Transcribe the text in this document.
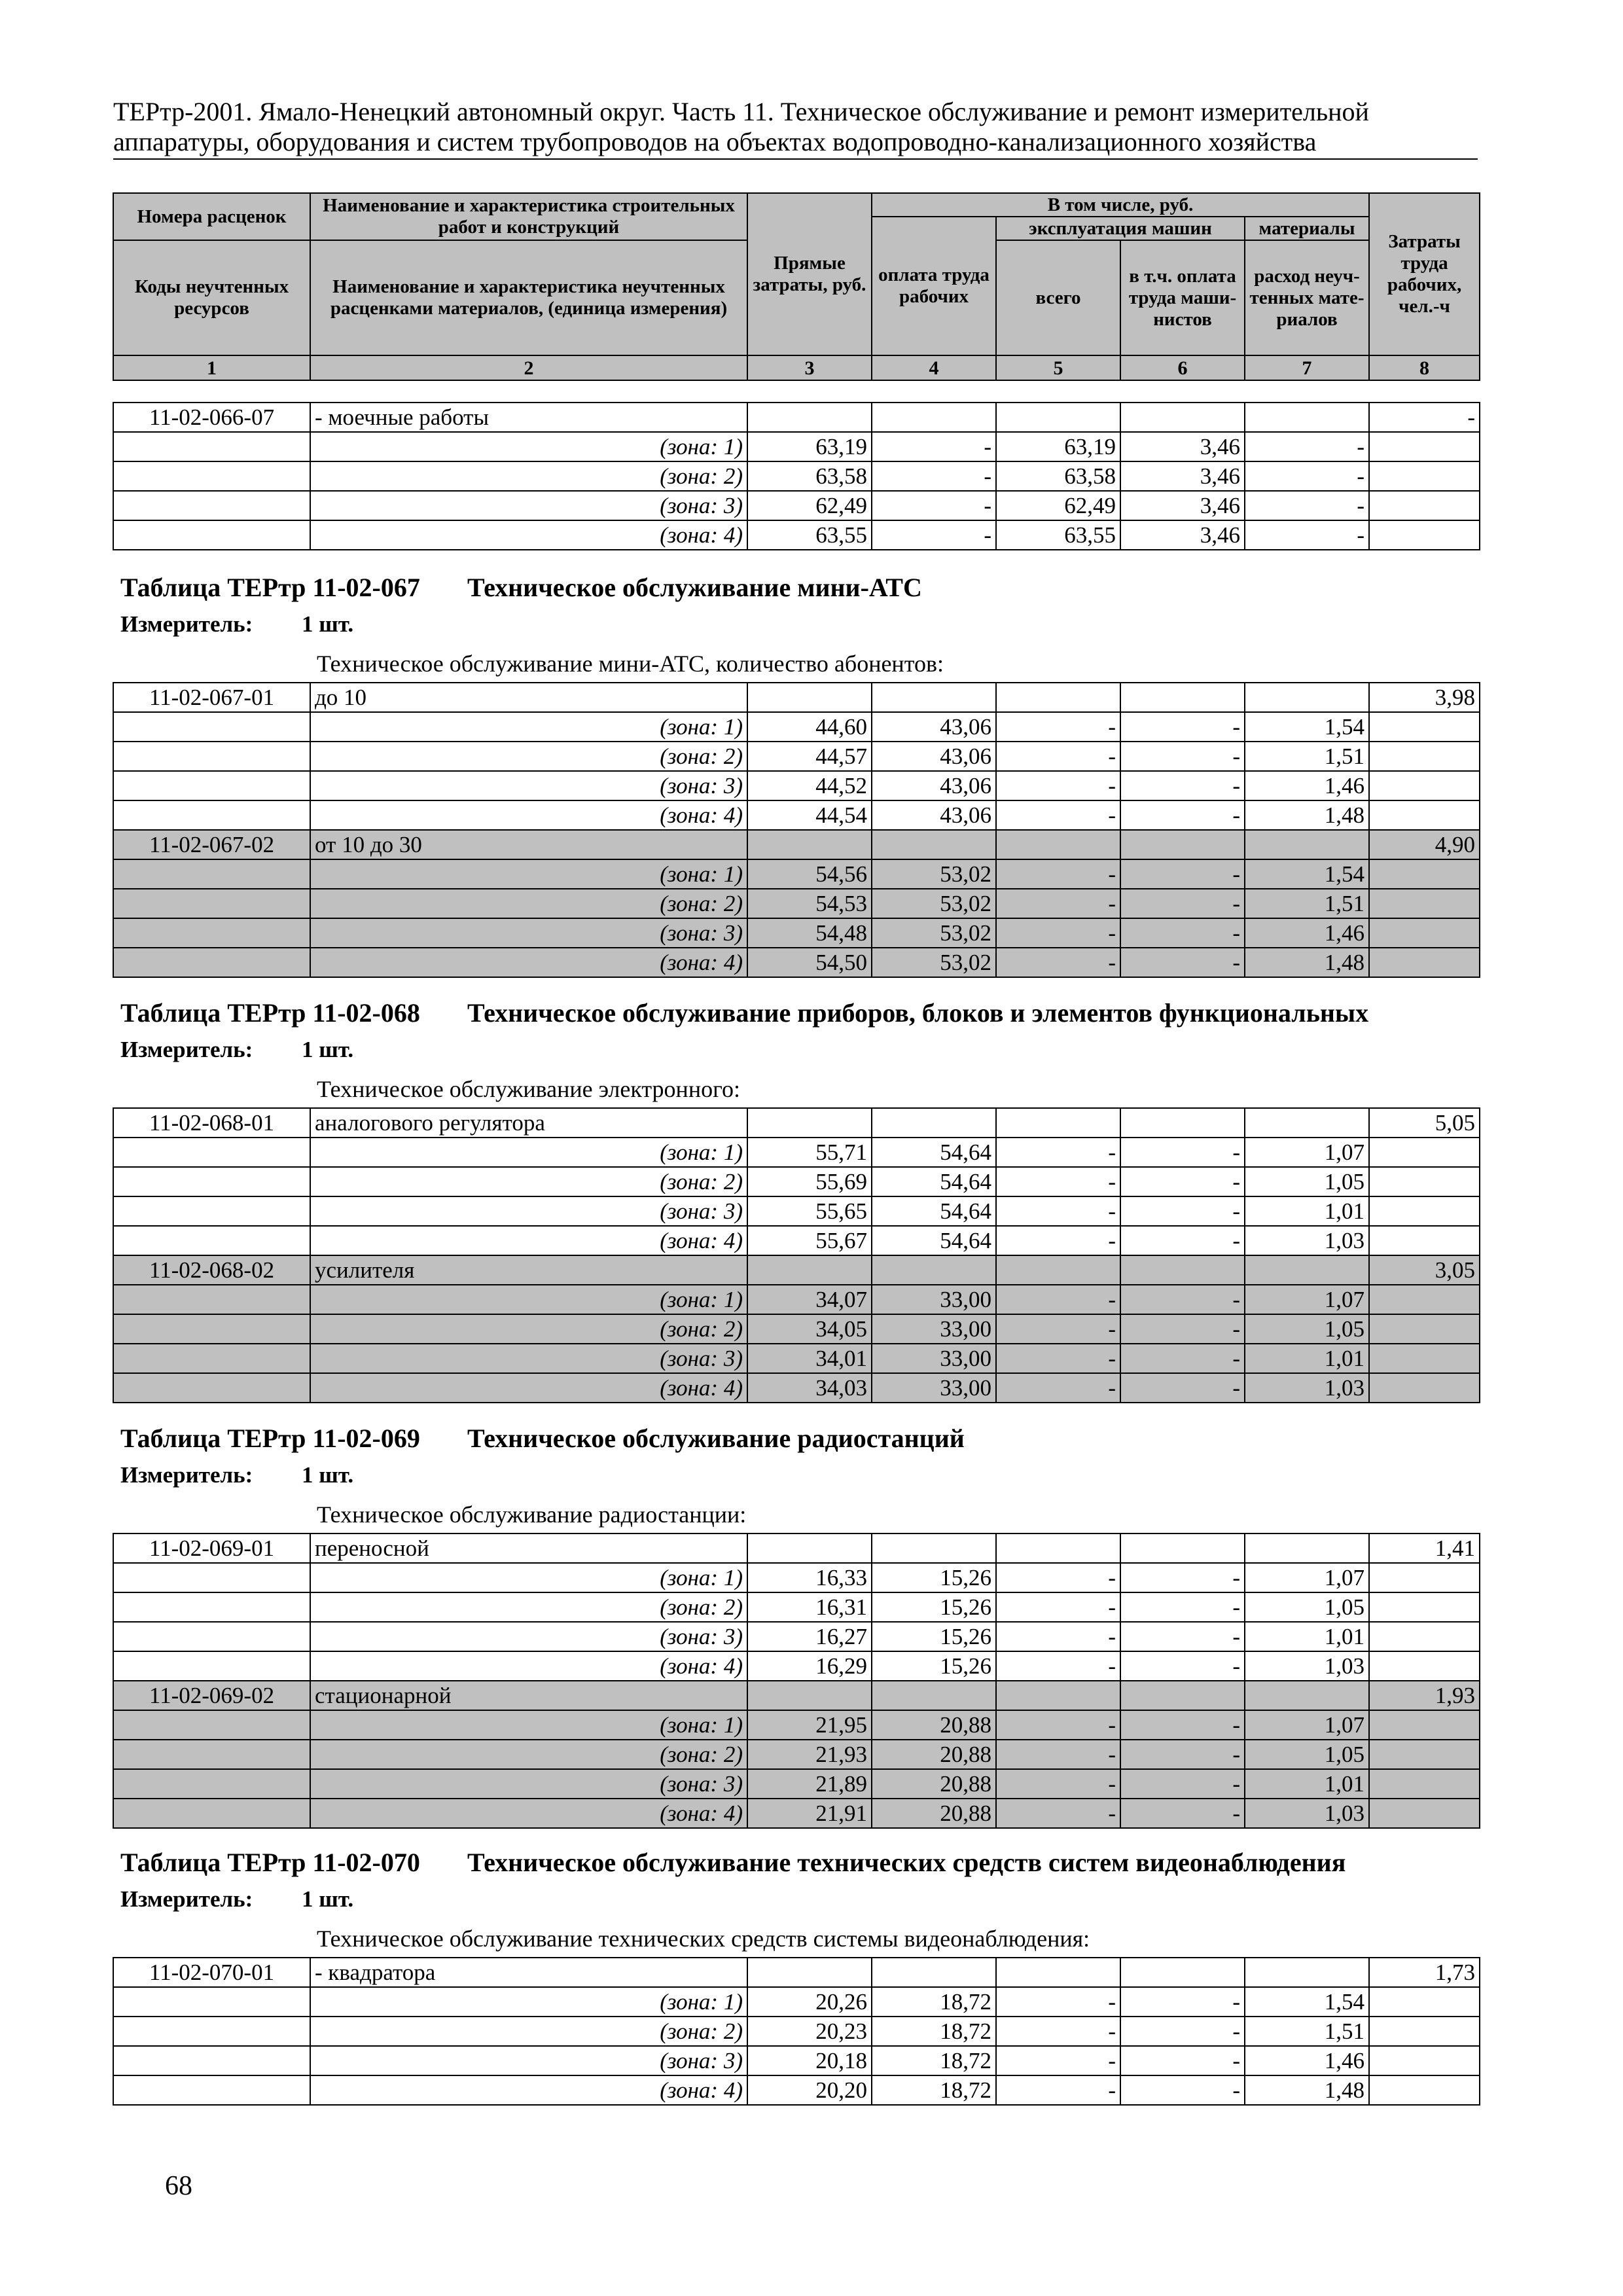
ТЕРтр-2001. Ямало-Ненецкий автономный округ. Часть 11. Техническое обслуживание и ремонт измерительной
аппаратуры, оборудования и систем трубопроводов на объектах водопроводно-канализационного хозяйства
Номера расценок	Наименование и характеристика строительных работ и конструкций	Прямые затраты, руб.	В том числе, руб.				Затраты труда рабочих, чел.-ч
			оплата труда рабочих	эксплуатация машин		материалы	
Коды неучтенных ресурсов	Наименование и характеристика неучтенных расценками материалов, (единица измерения)			всего	в т.ч. оплата труда маши-нистов	расход неуч-тенных мате-риалов	

1	2	3	4	5	6	7	8
11-02-066-07	- моечные работы						-
	(зона: 1)	63,19	-	63,19	3,46	-	
	(зона: 2)	63,58	-	63,58	3,46	-	
	(зона: 3)	62,49	-	62,49	3,46	-	
	(зона: 4)	63,55	-	63,55	3,46	-	
Таблица ТЕРтр 11-02-067 Техническое обслуживание мини-АТС
Измеритель: 1 шт.
Техническое обслуживание мини-АТС, количество абонентов:
11-02-067-01	до 10						3,98
	(зона: 1)	44,60	43,06	-	-	1,54	
	(зона: 2)	44,57	43,06	-	-	1,51	
	(зона: 3)	44,52	43,06	-	-	1,46	
	(зона: 4)	44,54	43,06	-	-	1,48	
11-02-067-02	от 10 до 30						4,90
	(зона: 1)	54,56	53,02	-	-	1,54	
	(зона: 2)	54,53	53,02	-	-	1,51	
	(зона: 3)	54,48	53,02	-	-	1,46	
	(зона: 4)	54,50	53,02	-	-	1,48	
Таблица ТЕРтр 11-02-068 Техническое обслуживание приборов, блоков и элементов функциональных
Измеритель: 1 шт.
Техническое обслуживание электронного:
11-02-068-01	аналогового регулятора						5,05
	(зона: 1)	55,71	54,64	-	-	1,07	
	(зона: 2)	55,69	54,64	-	-	1,05	
	(зона: 3)	55,65	54,64	-	-	1,01	
	(зона: 4)	55,67	54,64	-	-	1,03	
11-02-068-02	усилителя						3,05
	(зона: 1)	34,07	33,00	-	-	1,07	
	(зона: 2)	34,05	33,00	-	-	1,05	
	(зона: 3)	34,01	33,00	-	-	1,01	
	(зона: 4)	34,03	33,00	-	-	1,03	
Таблица ТЕРтр 11-02-069 Техническое обслуживание радиостанций
Измеритель: 1 шт.
Техническое обслуживание радиостанции:
11-02-069-01	переносной						1,41
	(зона: 1)	16,33	15,26	-	-	1,07	
	(зона: 2)	16,31	15,26	-	-	1,05	
	(зона: 3)	16,27	15,26	-	-	1,01	
	(зона: 4)	16,29	15,26	-	-	1,03	
11-02-069-02	стационарной						1,93
	(зона: 1)	21,95	20,88	-	-	1,07	
	(зона: 2)	21,93	20,88	-	-	1,05	
	(зона: 3)	21,89	20,88	-	-	1,01	
	(зона: 4)	21,91	20,88	-	-	1,03	
Таблица ТЕРтр 11-02-070 Техническое обслуживание технических средств систем видеонаблюдения
Измеритель: 1 шт.
Техническое обслуживание технических средств системы видеонаблюдения:
11-02-070-01	- квадратора						1,73
	(зона: 1)	20,26	18,72	-	-	1,54	
	(зона: 2)	20,23	18,72	-	-	1,51	
	(зона: 3)	20,18	18,72	-	-	1,46	
	(зона: 4)	20,20	18,72	-	-	1,48	
68
